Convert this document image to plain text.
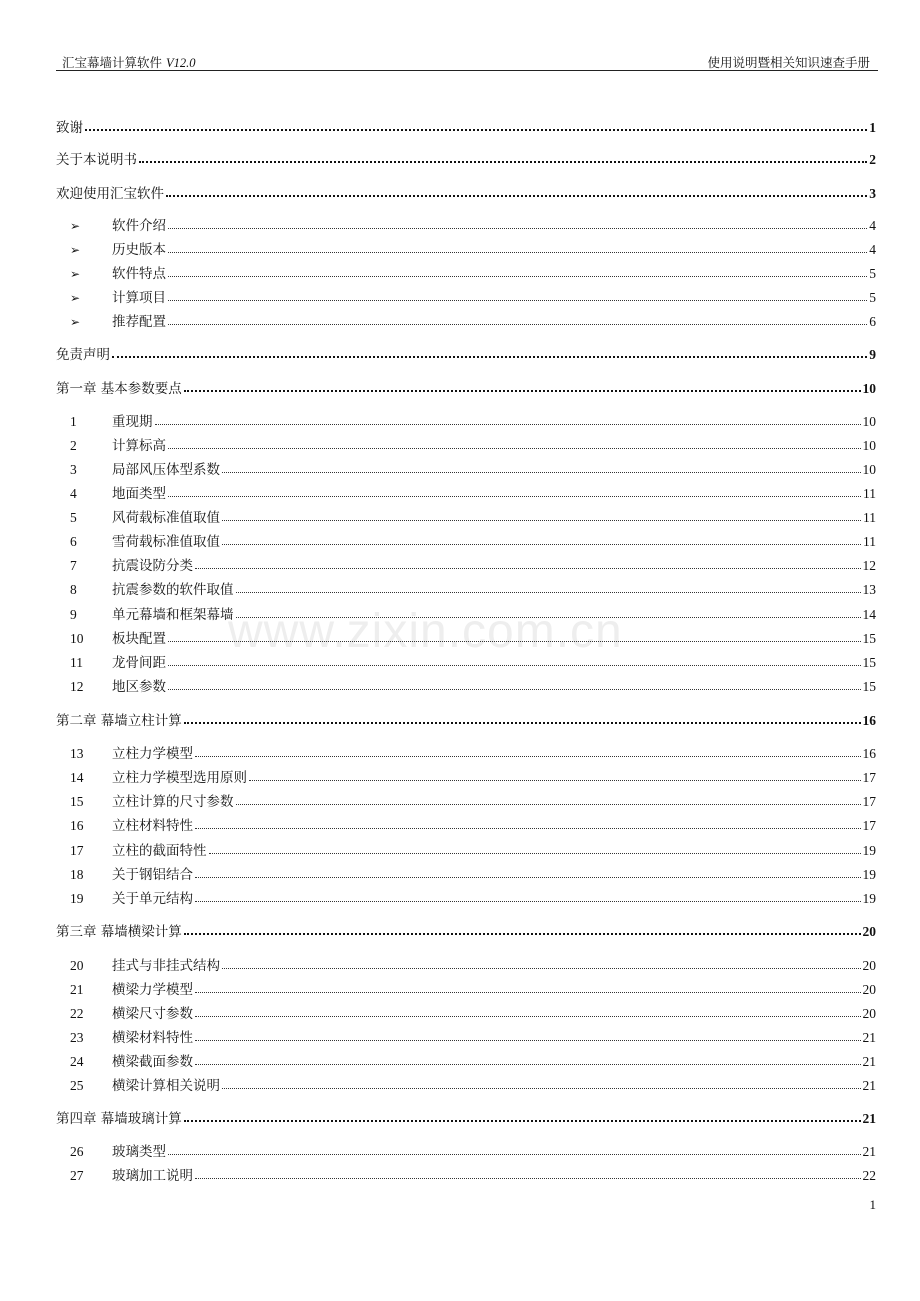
汇宝幕墙计算软件 V12.0	使用说明暨相关知识速查手册
www.zixin.com.cn
致谢	1
关于本说明书	2
欢迎使用汇宝软件	3
➢	软件介绍	4
➢	历史版本	4
➢	软件特点	5
➢	计算项目	5
➢	推荐配置	6
免责声明	9
第一章 基本参数要点	10
1	重现期	10
2	计算标高	10
3	局部风压体型系数	10
4	地面类型	11
5	风荷载标准值取值	11
6	雪荷载标准值取值	11
7	抗震设防分类	12
8	抗震参数的软件取值	13
9	单元幕墙和框架幕墙	14
10	板块配置	15
11	龙骨间距	15
12	地区参数	15
第二章 幕墙立柱计算	16
13	立柱力学模型	16
14	立柱力学模型选用原则	17
15	立柱计算的尺寸参数	17
16	立柱材料特性	17
17	立柱的截面特性	19
18	关于钢铝结合	19
19	关于单元结构	19
第三章 幕墙横梁计算	20
20	挂式与非挂式结构	20
21	横梁力学模型	20
22	横梁尺寸参数	20
23	横梁材料特性	21
24	横梁截面参数	21
25	横梁计算相关说明	21
第四章 幕墙玻璃计算	21
26	玻璃类型	21
27	玻璃加工说明	22
1
